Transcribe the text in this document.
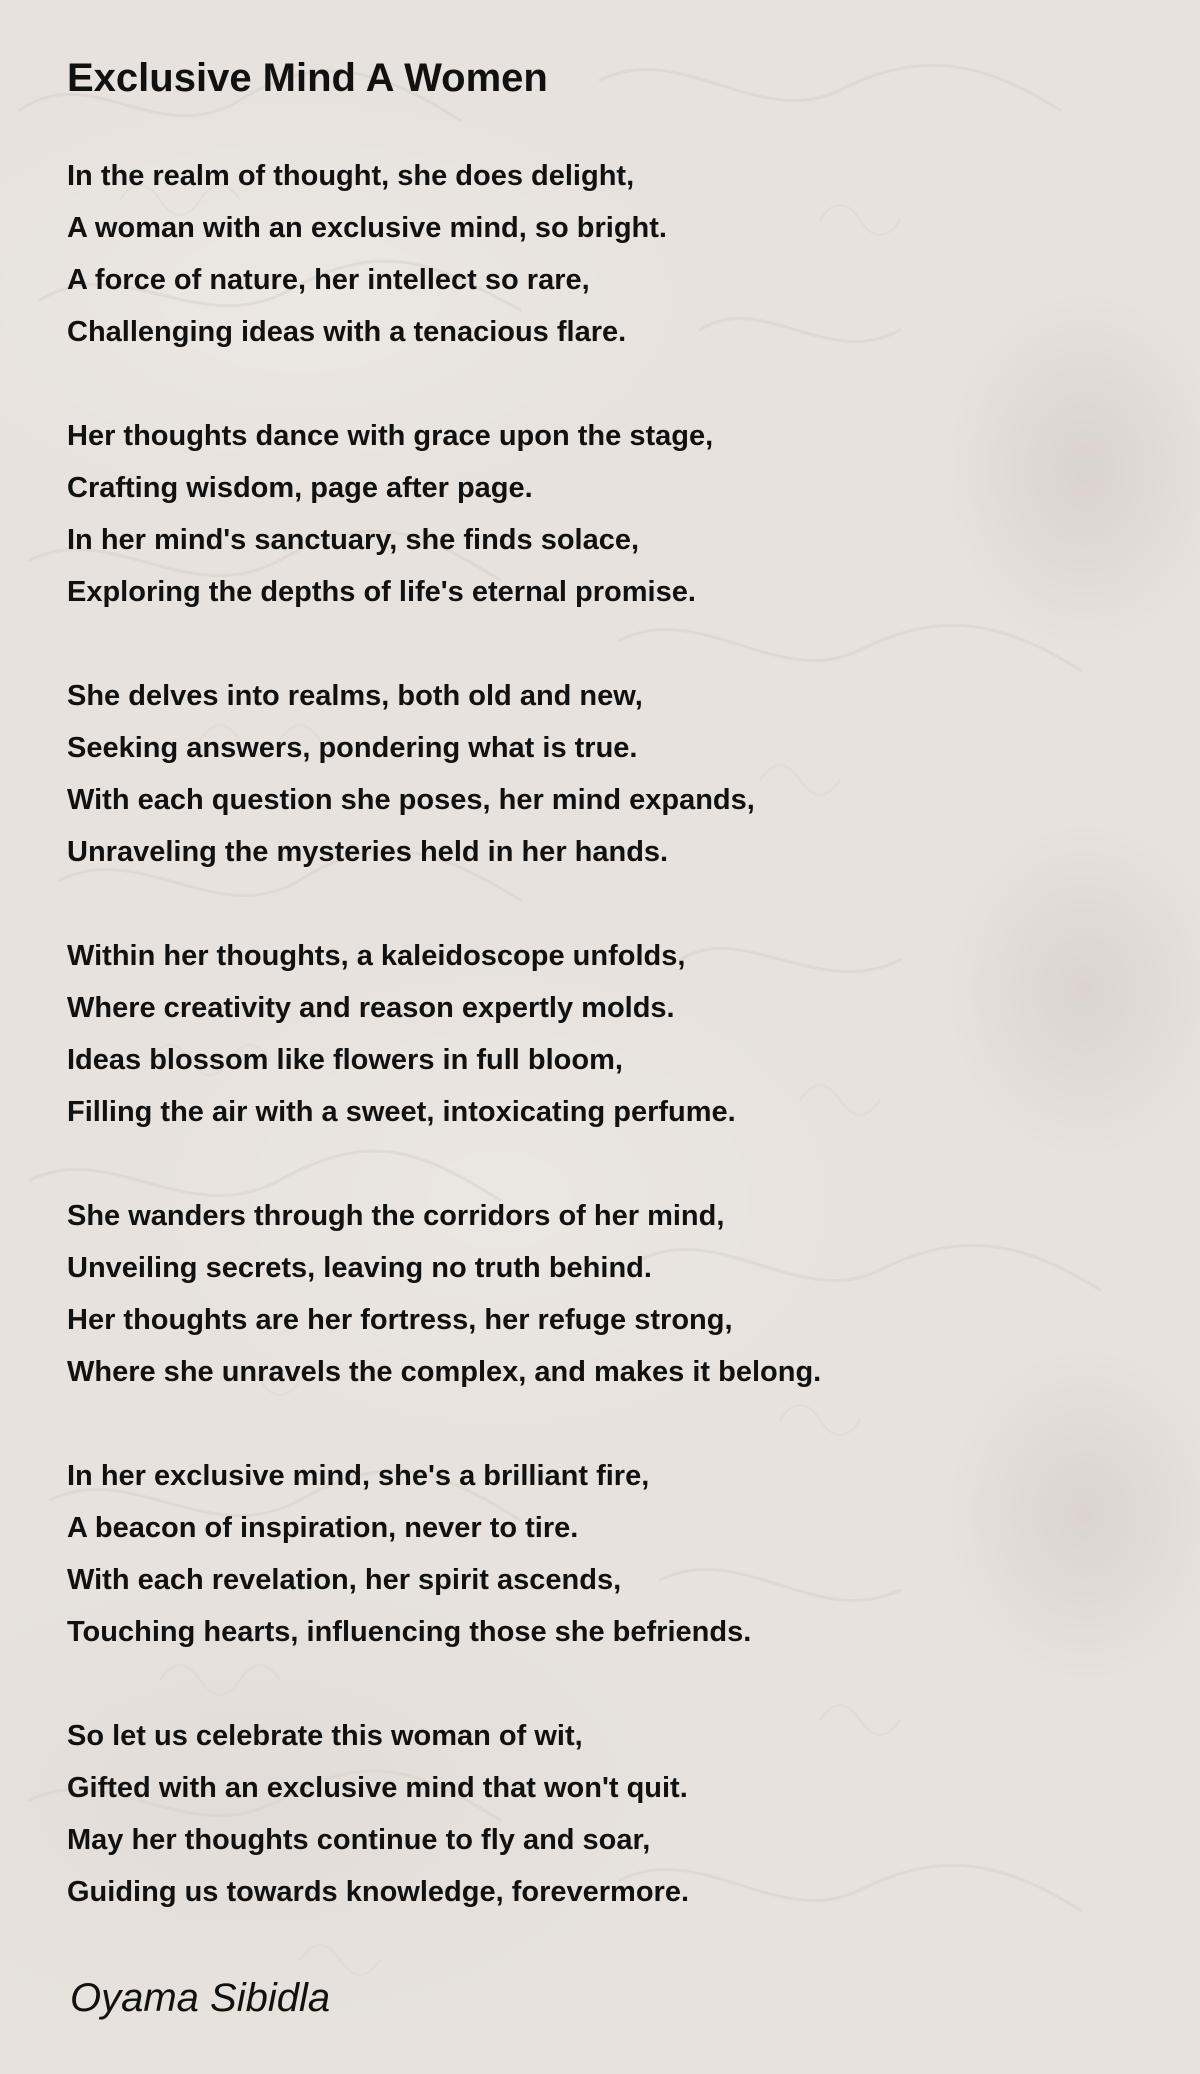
Exclusive Mind A Women
In the realm of thought, she does delight,
A woman with an exclusive mind, so bright.
A force of nature, her intellect so rare,
Challenging ideas with a tenacious flare.
Her thoughts dance with grace upon the stage,
Crafting wisdom, page after page.
In her mind's sanctuary, she finds solace,
Exploring the depths of life's eternal promise.
She delves into realms, both old and new,
Seeking answers, pondering what is true.
With each question she poses, her mind expands,
Unraveling the mysteries held in her hands.
Within her thoughts, a kaleidoscope unfolds,
Where creativity and reason expertly molds.
Ideas blossom like flowers in full bloom,
Filling the air with a sweet, intoxicating perfume.
She wanders through the corridors of her mind,
Unveiling secrets, leaving no truth behind.
Her thoughts are her fortress, her refuge strong,
Where she unravels the complex, and makes it belong.
In her exclusive mind, she's a brilliant fire,
A beacon of inspiration, never to tire.
With each revelation, her spirit ascends,
Touching hearts, influencing those she befriends.
So let us celebrate this woman of wit,
Gifted with an exclusive mind that won't quit.
May her thoughts continue to fly and soar,
Guiding us towards knowledge, forevermore.

Oyama Sibidla
